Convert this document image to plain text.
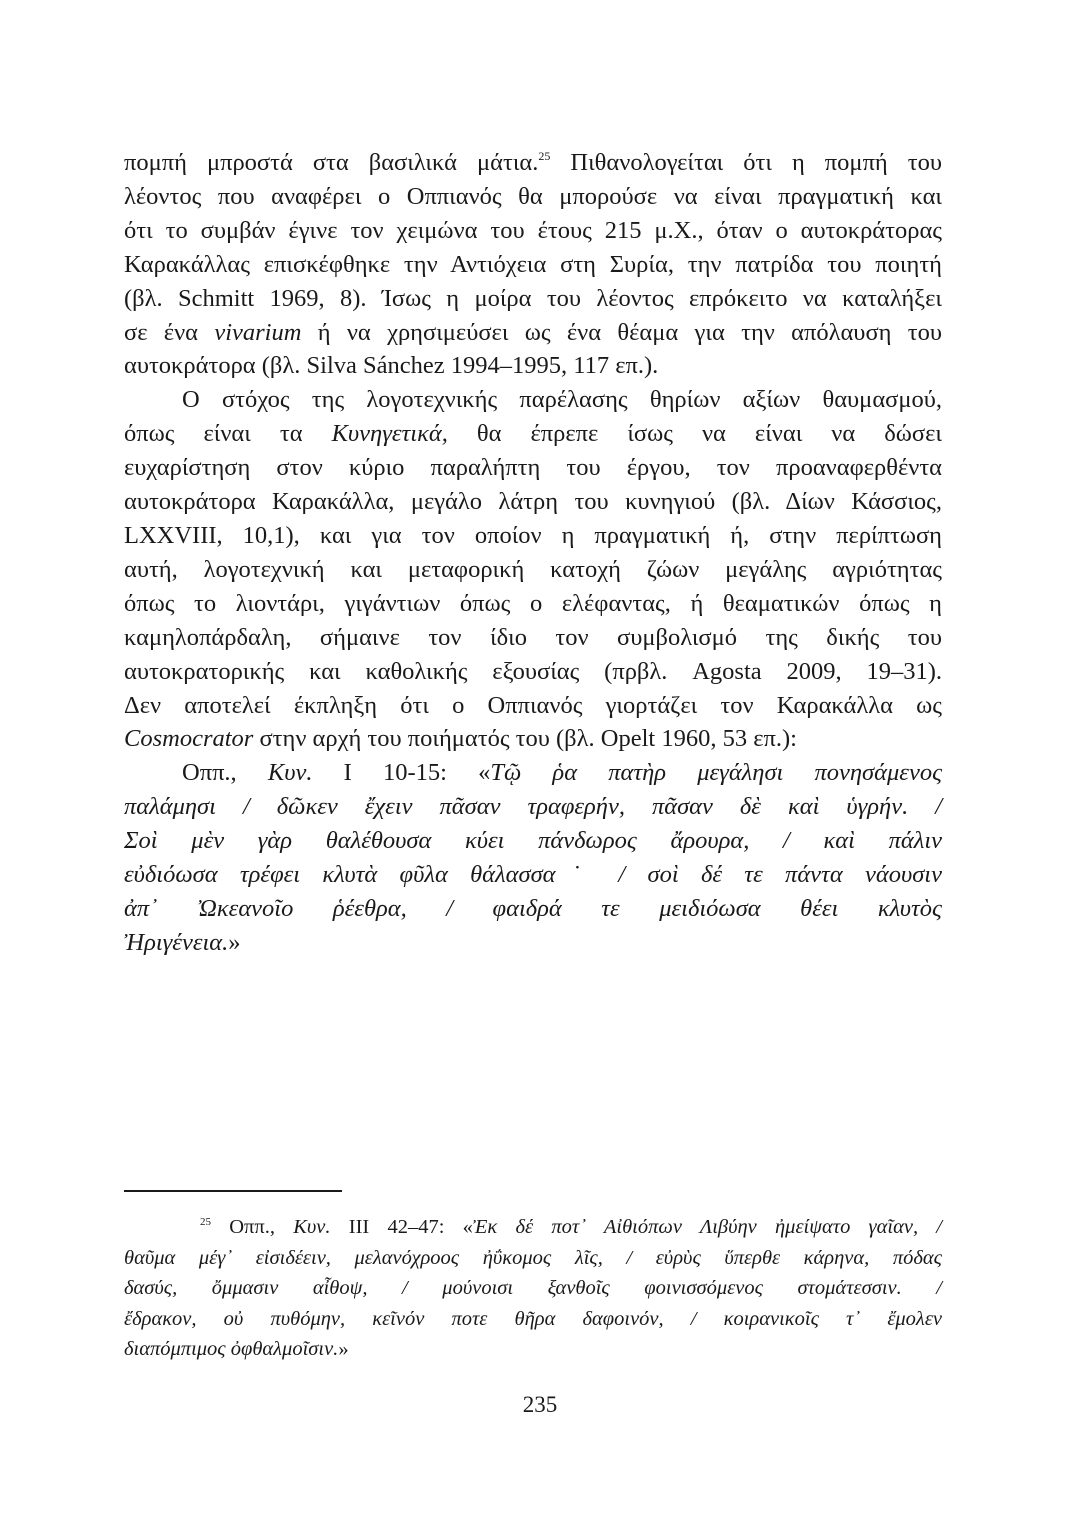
πομπή μπροστά στα βασιλικά μάτια.$^{25}$ Πιθανολογείται ότι η πομπή του
λέοντος που αναφέρει ο Οππιανός θα μπορούσε να είναι πραγματική και
ότι το συμβάν έγινε τον χειμώνα του έτους 215 μ.Χ., όταν ο αυτοκράτορας
Καρακάλλας επισκέφθηκε την Αντιόχεια στη Συρία, την πατρίδα του ποιητή
(βλ. Schmitt 1969, 8). Ίσως η μοίρα του λέοντος επρόκειτο να καταλήξει
σε ένα vivarium ή να χρησιμεύσει ως ένα θέαμα για την απόλαυση του
αυτοκράτορα (βλ. Silva Sánchez 1994–1995, 117 επ.).

Ο στόχος της λογοτεχνικής παρέλασης θηρίων αξίων θαυμασμού,
όπως είναι τα Κυνηγετικά, θα έπρεπε ίσως να είναι να δώσει
ευχαρίστηση στον κύριο παραλήπτη του έργου, τον προαναφερθέντα
αυτοκράτορα Καρακάλλα, μεγάλο λάτρη του κυνηγιού (βλ. Δίων Κάσσιος,
LXXVIII, 10,1), και για τον οποίον η πραγματική ή, στην περίπτωση
αυτή, λογοτεχνική και μεταφορική κατοχή ζώων μεγάλης αγριότητας
όπως το λιοντάρι, γιγάντιων όπως ο ελέφαντας, ή θεαματικών όπως η
καμηλοπάρδαλη, σήμαινε τον ίδιο τον συμβολισμό της δικής του
αυτοκρατορικής και καθολικής εξουσίας (πρβλ. Agosta 2009, 19–31).
Δεν αποτελεί έκπληξη ότι ο Οππιανός γιορτάζει τον Καρακάλλα ως
Cosmocrator στην αρχή του ποιήματός του (βλ. Opelt 1960, 53 επ.):

Οππ., Κυν. I 10-15: «Τῷ ῥα πατὴρ μεγάλησι πονησάμενος
παλάμησι / δῶκεν ἔχειν πᾶσαν τραφερήν, πᾶσαν δὲ καὶ ὑγρήν. /
Σοὶ μὲν γὰρ θαλέθουσα κύει πάνδωρος ἄρουρα, / καὶ πάλιν
εὐδιόωσα τρέφει κλυτὰ φῦλα θάλασσα˙ / σοὶ δέ τε πάντα νάουσιν
ἀπ᾽ Ὠκεανοῖο ῥέεθρα, / φαιδρά τε μειδιόωσα θέει κλυτὸς
Ἠριγένεια.»

$^{25}$ Οππ., Κυν. III 42–47: «Ἐκ δέ ποτ᾽ Αἰθιόπων Λιβύην ἠμείψατο γαῖαν, /
θαῦμα μέγ᾽ εἰσιδέειν, μελανόχροος ἠΰκομος λῖς, / εὐρὺς ὕπερθε κάρηνα, πόδας
δασύς, ὄμμασιν αἶθοψ, / μούνοισι ξανθοῖς φοινισσόμενος στομάτεσσιν. /
ἔδρακον, οὐ πυθόμην, κεῖνόν ποτε θῆρα δαφοινόν, / κοιρανικοῖς τ᾽ ἔμολεν
διαπόμπιμος ὀφθαλμοῖσιν.»
235
